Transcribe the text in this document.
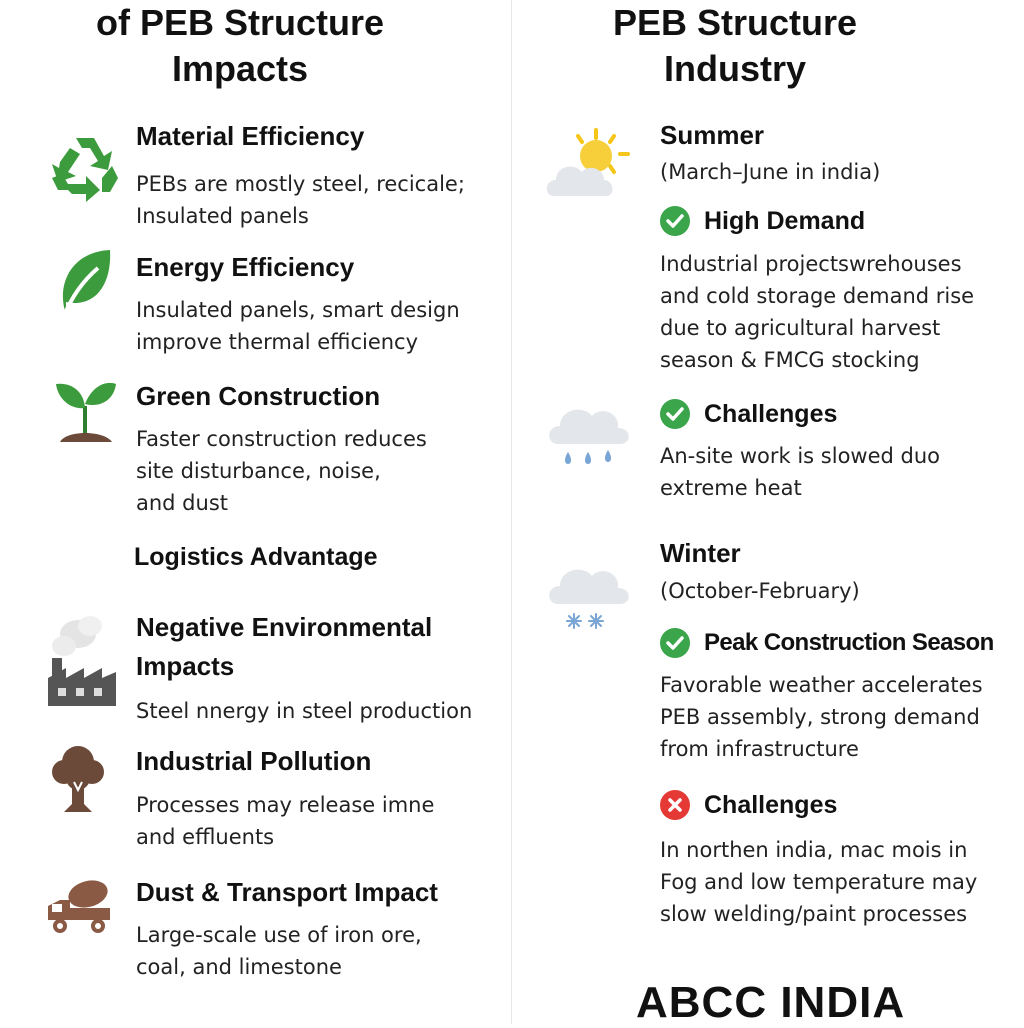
of PEB Structure
Impacts
Material Efficiency
PEBs are mostly steel, recicale;
Insulated panels
Energy Efficiency
Insulated panels, smart design
improve thermal efficiency
Green Construction
Faster construction reduces
site disturbance, noise,
and dust
Logistics Advantage
Negative Environmental
Impacts
Steel nnergy in steel production
Industrial Pollution
Processes may release imne
and effluents
Dust & Transport Impact
Large-scale use of iron ore,
coal, and limestone
PEB Structure
Industry
Summer
(March–June in india)
High Demand
Industrial projectswrehouses
and cold storage demand rise
due to agricultural harvest
season & FMCG stocking
Challenges
An-site work is slowed duo
extreme heat
Winter
(October-February)
Peak Construction Season
Favorable weather accelerates
PEB assembly, strong demand
from infrastructure
Challenges
In northen india, mac mois in
Fog and low temperature may
slow welding/paint processes
ABCC INDIA
